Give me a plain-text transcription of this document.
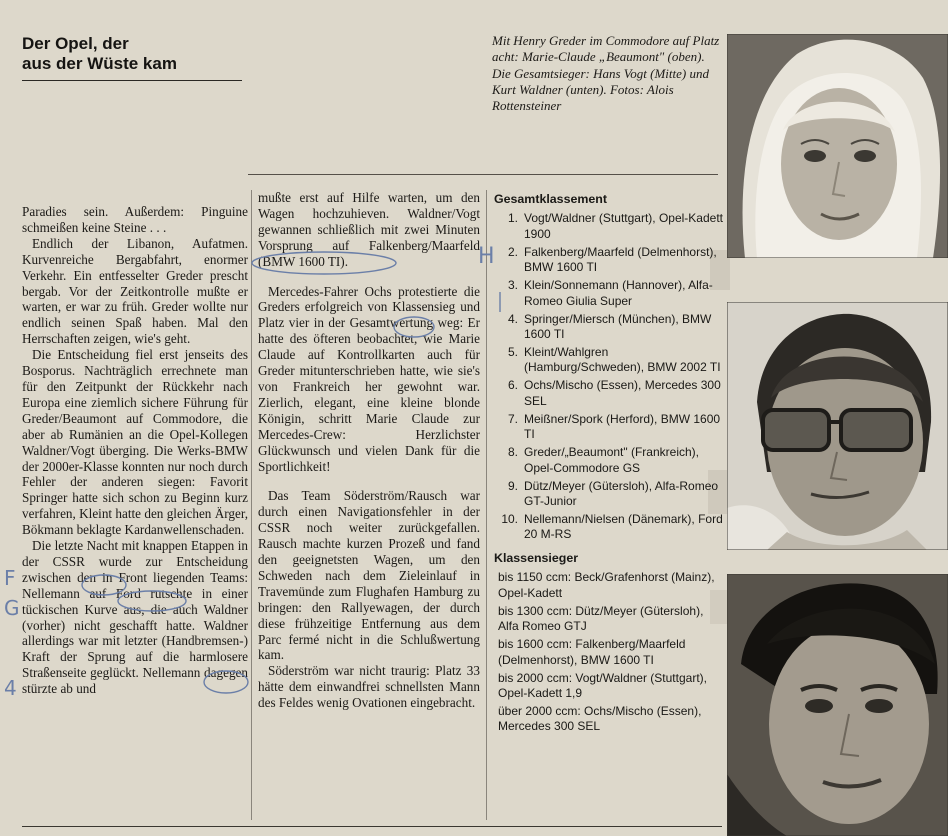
Der Opel, der
aus der Wüste kam
Mit Henry Greder im Commodore auf Platz acht: Marie-Claude „Beaumont" (oben). Die Gesamtsieger: Hans Vogt (Mitte) und Kurt Waldner (unten). Fotos: Alois Rottensteiner

Paradies sein. Außerdem: Pinguine schmeißen keine Steine . . .

Endlich der Libanon, Aufatmen. Kurvenreiche Bergabfahrt, enormer Verkehr. Ein entfesselter Greder prescht bergab. Vor der Zeitkontrolle mußte er warten, er war zu früh. Greder wollte nur endlich seinen Spaß haben. Mal den Herrschaften zeigen, wie's geht.

Die Entscheidung fiel erst jenseits des Bosporus. Nachträglich errechnete man für den Zeitpunkt der Rückkehr nach Europa eine ziemlich sichere Führung für Greder/Beaumont auf Commodore, die aber ab Rumänien an die Opel-Kollegen Waldner/Vogt überging. Die Werks-BMW der 2000er-Klasse konnten nur noch durch Fehler der anderen siegen: Favorit Springer hatte sich schon zu Beginn kurz verfahren, Kleint hatte den gleichen Ärger, Bökmann beklagte Kardanwellenschaden.

Die letzte Nacht mit knappen Etappen in der CSSR wurde zur Entscheidung zwischen den in Front liegenden Teams: Nellemann auf Ford rutschte in einer tückischen Kurve aus, die auch Waldner (vorher) nicht geschafft hatte. Waldner allerdings war mit letzter (Handbremsen-) Kraft der Sprung auf die harmlosere Straßenseite geglückt. Nellemann dagegen stürzte ab und

mußte erst auf Hilfe warten, um den Wagen hochzuhieven. Waldner/Vogt gewannen schließlich mit zwei Minuten Vorsprung auf Falkenberg/Maarfeld (BMW 1600 TI).

Mercedes-Fahrer Ochs protestierte die Greders erfolgreich von Klassensieg und Platz vier in der Gesamtwertung weg: Er hatte des öfteren beobachtet, wie Marie Claude auf Kontrollkarten auch für Greder mitunterschrieben hatte, wie sie's von Frankreich her gewohnt war. Zierlich, elegant, eine kleine blonde Königin, schritt Marie Claude zur Mercedes-Crew: Herzlichster Glückwunsch und vielen Dank für die Sportlichkeit!

Das Team Söderström/Rausch war durch einen Navigationsfehler in der CSSR noch weiter zurückgefallen. Rausch machte kurzen Prozeß und fand den geeignetsten Wagen, um den Schweden nach dem Zieleinlauf in Travemünde zum Flughafen Hamburg zu bringen: den Rallyewagen, der durch diese frühzeitige Entfernung aus dem Parc fermé nicht in die Schlußwertung kam.

Söderström war nicht traurig: Platz 33 hätte dem einwandfrei schnellsten Mann des Feldes wenig Ovationen eingebracht.

Gesamtklassement
1. Vogt/Waldner (Stuttgart), Opel-Kadett 1900
2. Falkenberg/Maarfeld (Delmenhorst), BMW 1600 TI
3. Klein/Sonnemann (Hannover), Alfa-Romeo Giulia Super
4. Springer/Miersch (München), BMW 1600 TI
5. Kleint/Wahlgren (Hamburg/Schweden), BMW 2002 TI
6. Ochs/Mischo (Essen), Mercedes 300 SEL
7. Meißner/Spork (Herford), BMW 1600 TI
8. Greder/„Beaumont" (Frankreich), Opel-Commodore GS
9. Dütz/Meyer (Gütersloh), Alfa-Romeo GT-Junior
10. Nellemann/Nielsen (Dänemark), Ford 20 M-RS
Klassensieger
bis 1150 ccm: Beck/Grafenhorst (Mainz), Opel-Kadett
bis 1300 ccm: Dütz/Meyer (Gütersloh), Alfa Romeo GTJ
bis 1600 ccm: Falkenberg/Maarfeld (Delmenhorst), BMW 1600 TI
bis 2000 ccm: Vogt/Waldner (Stuttgart), Opel-Kadett 1,9
über 2000 ccm: Ochs/Mischo (Essen), Mercedes 300 SEL
H
F
G
4
